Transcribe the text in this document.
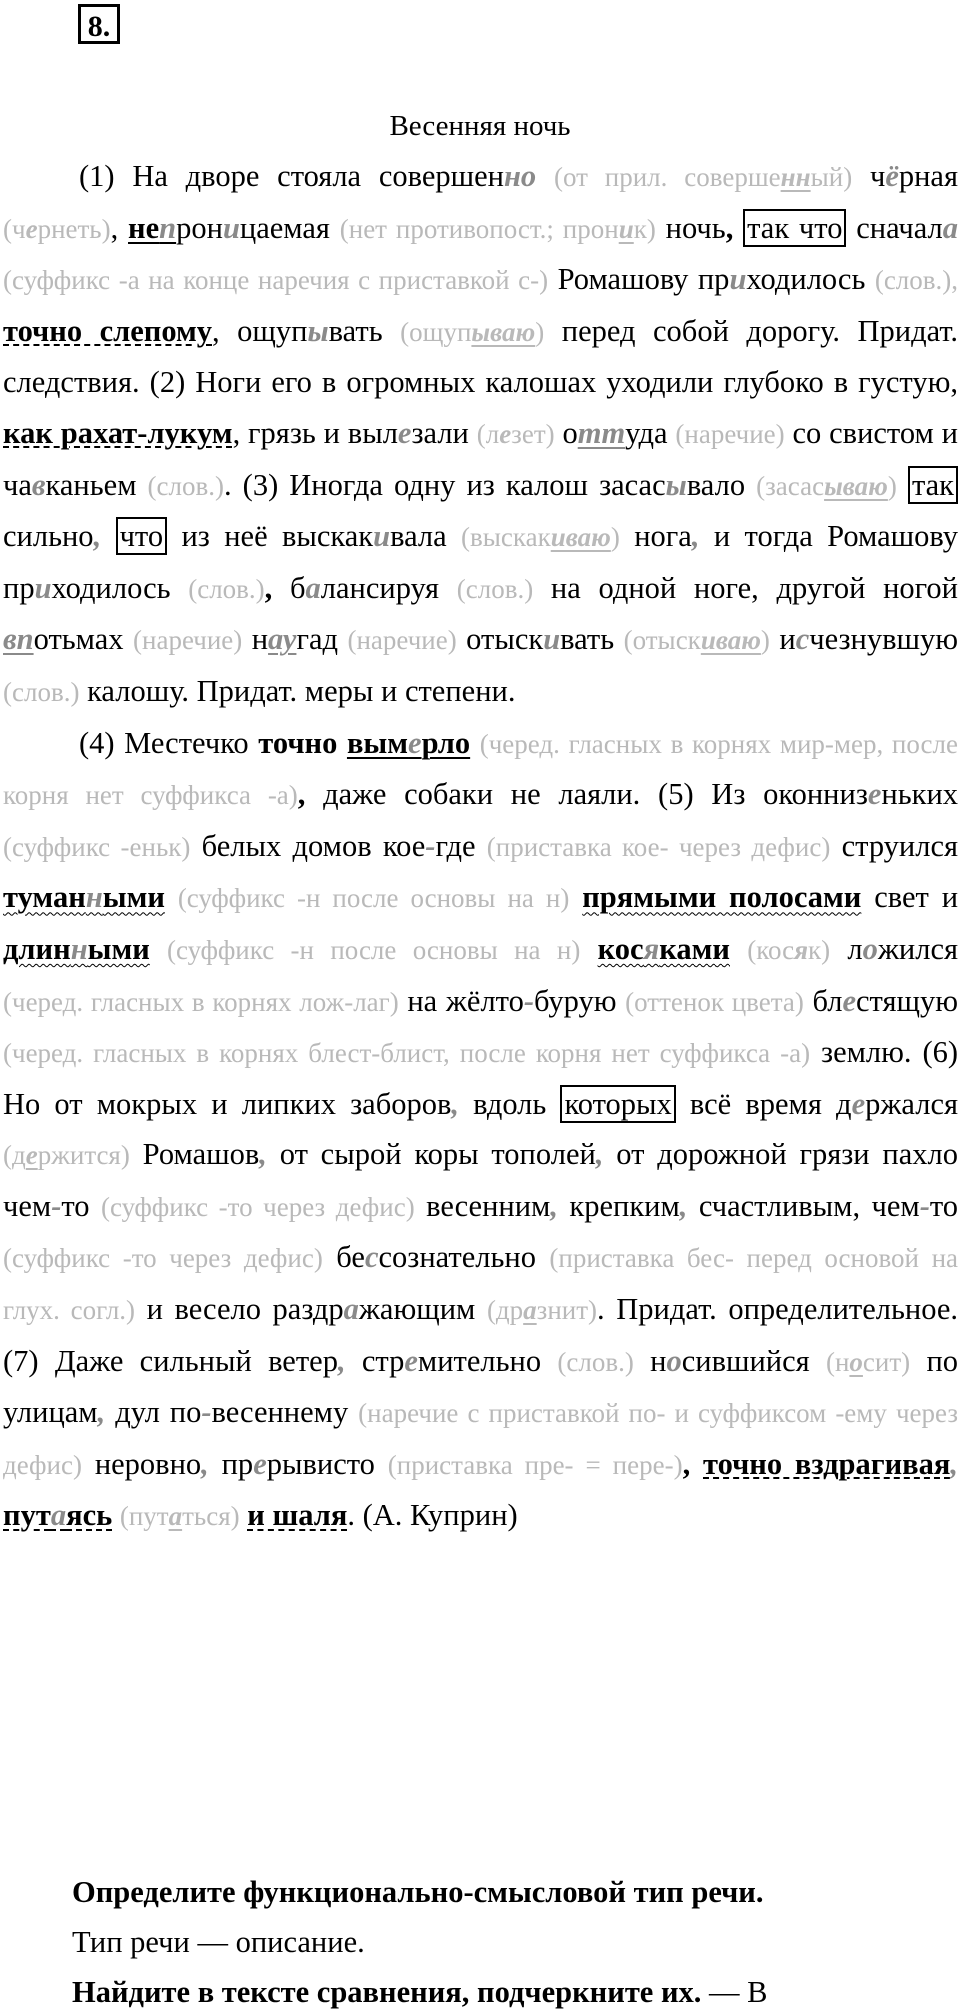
8.
Весенняя ночь

(1) На дворе стояла совершенно (от прил. совершенный) чёрная (чернеть), непроницаемая (нет противопост.; проник) ночь, так что сначала (суффикс -а на конце наречия с приставкой с-) Ромашову приходилось (слов.), точно слепому, ощупывать (ощупываю) перед собой дорогу. Придат. следствия. (2) Ноги его в огромных калошах уходили глубоко в густую, как рахат-лукум, грязь и вылезали (лезет) оттуда (наречие) со свистом и чавканьем (слов.). (3) Иногда одну из калош засасывало (засасываю) так сильно, что из неё выскакивала (выскакиваю) нога, и тогда Ромашову приходилось (слов.), балансируя (слов.) на одной ноге, другой ногой впотьмах (наречие) наугад (наречие) отыскивать (отыскиваю) исчезнувшую (слов.) калошу. Придат. меры и степени.

(4) Местечко точно вымерло (черед. гласных в корнях мир-мер, после корня нет суффикса -а), даже собаки не лаяли. (5) Из оконнизеньких (суффикс -еньк) белых домов кое-где (приставка кое- через дефис) струился туманными (суффикс -н после основы на н) прямыми полосами свет и длинными (суффикс -н после основы на н) косяками (косяк) ложился (черед. гласных в корнях лож-лаг) на жёлто-бурую (оттенок цвета) блестящую (черед. гласных в корнях блест-блист, после корня нет суффикса -а) землю. (6) Но от мокрых и липких заборов, вдоль которых всё время держался (держится) Ромашов, от сырой коры тополей, от дорожной грязи пахло чем-то (суффикс -то через дефис) весенним, крепким, счастливым, чем-то (суффикс -то через дефис) бессознательно (приставка бес- перед основой на глух. согл.) и весело раздражающим (дразнит). Придат. определительное. (7) Даже сильный ветер, стремительно (слов.) носившийся (носит) по улицам, дул по-весеннему (наречие с приставкой по- и суффиксом -ему через дефис) неровно, прерывисто (приставка пре- = пере-), точно вздрагивая, путаясь (путаться) и шаля. (А. Куприн)

Определите функционально-смысловой тип речи.
Тип речи — описание.
Найдите в тексте сравнения, подчеркните их. — В
